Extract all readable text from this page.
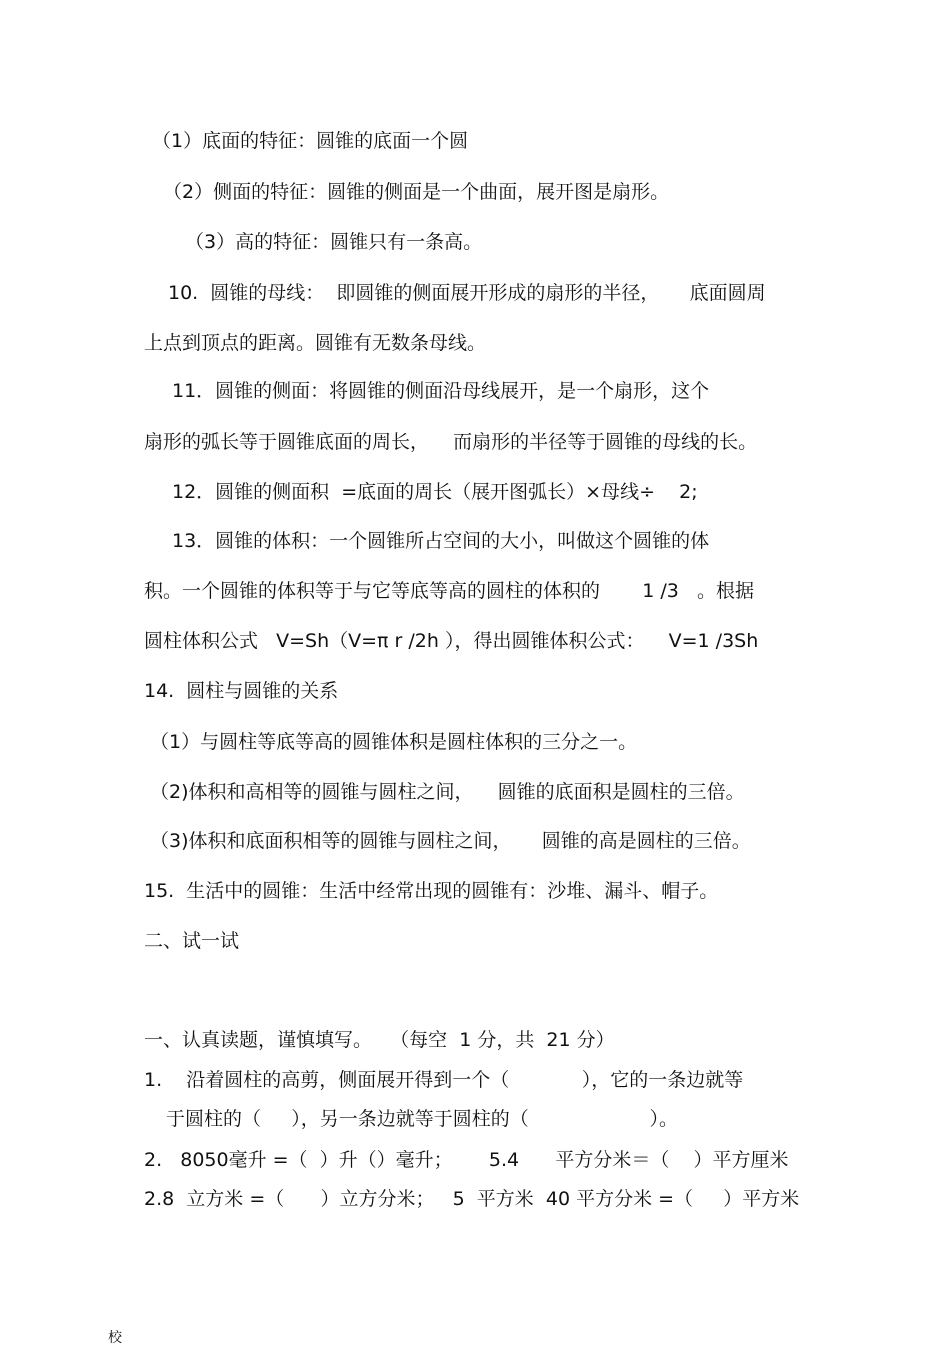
（1）底面的特征：圆锥的底面一个圆

（2）侧面的特征：圆锥的侧面是一个曲面，展开图是扇形。

（3）高的特征：圆锥只有一条高。

10.  圆锥的母线：  即圆锥的侧面展开形成的扇形的半径，     底面圆周

上点到顶点的距离。圆锥有无数条母线。

11．圆锥的侧面：将圆锥的侧面沿母线展开，是一个扇形，这个

扇形的弧长等于圆锥底面的周长，    而扇形的半径等于圆锥的母线的长。

12．圆锥的侧面积  =底面的周长（展开图弧长）×母线÷    2;

13．圆锥的体积：一个圆锥所占空间的大小，叫做这个圆锥的体

积。一个圆锥的体积等于与它等底等高的圆柱的体积的       1 /3   。根据

圆柱体积公式   V=Sh（V=π r /2h ），得出圆锥体积公式：    V=1 /3Sh

14.  圆柱与圆锥的关系

（1）与圆柱等底等高的圆锥体积是圆柱体积的三分之一。

（2)体积和高相等的圆锥与圆柱之间，    圆锥的底面积是圆柱的三倍。

（3)体积和底面积相等的圆锥与圆柱之间，     圆锥的高是圆柱的三倍。

15.  生活中的圆锥：生活中经常出现的圆锥有：沙堆、漏斗、帽子。

二、试一试

一、认真读题，谨慎填写。   （每空  1 分，共  21 分）

1.    沿着圆柱的高剪，侧面展开得到一个（            ），它的一条边就等

于圆柱的（     ），另一条边就等于圆柱的（                    ）。

2.   8050毫升 =（  ）升（）毫升；      5.4      平方分米＝（    ）平方厘米

2.8  立方米 =（      ）立方分米；   5  平方米  40 平方分米 =（     ）平方米

校
